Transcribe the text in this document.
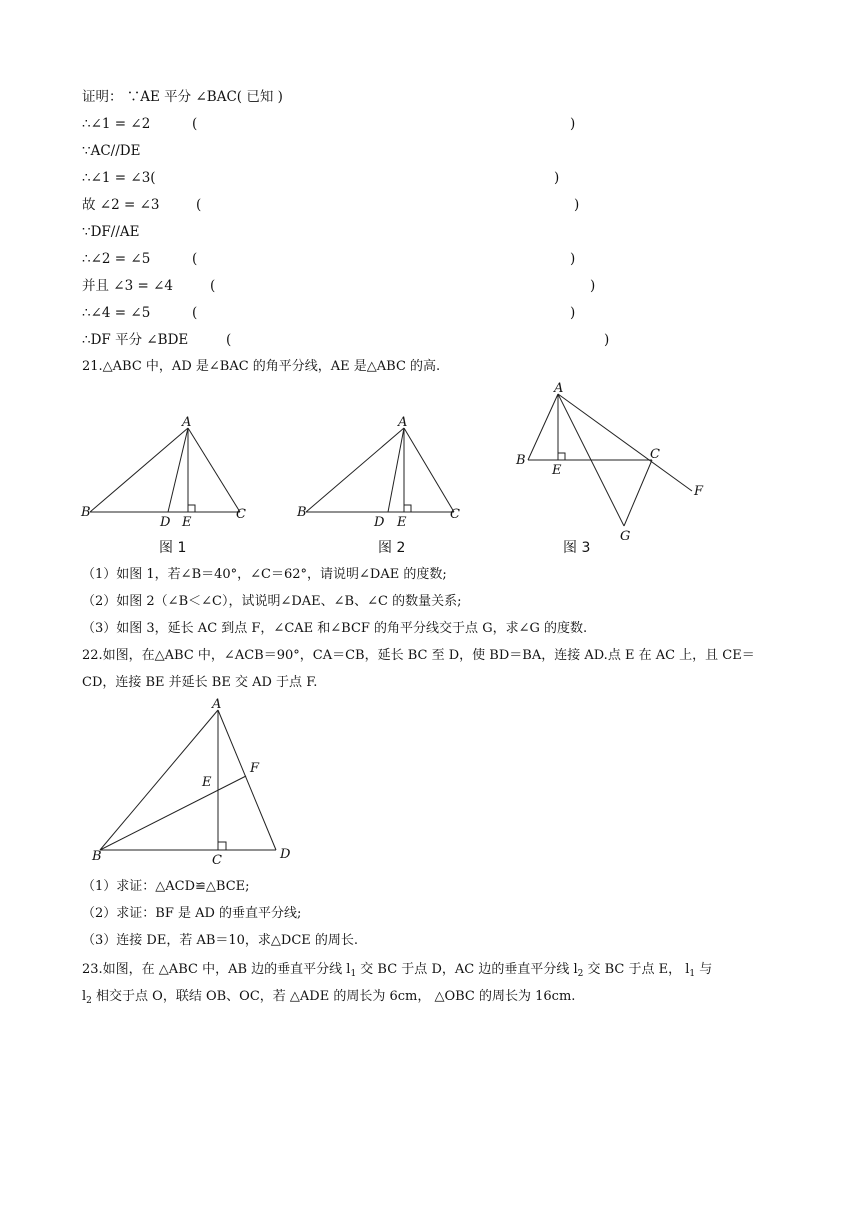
证明： ∵AE 平分 ∠BAC( 已知 )
∴∠1 = ∠2	(	)
∵AC//DE
∴∠1 = ∠3(	)
故 ∠2 = ∠3	(	)
∵DF//AE
∴∠2 = ∠5	(	)
并且 ∠3 = ∠4	(	)
∴∠4 = ∠5	(	)
∴DF 平分 ∠BDE	(	)
21.△ABC 中，AD 是∠BAC 的角平分线，AE 是△ABC 的高.
A
B	C
D E
图 1
A
B	C
D E
图 2
A
B	C
E
F
G
图 3
（1）如图 1，若∠B＝40°，∠C＝62°，请说明∠DAE 的度数;
（2）如图 2（∠B＜∠C），试说明∠DAE、∠B、∠C 的数量关系;
（3）如图 3，延长 AC 到点 F，∠CAE 和∠BCF 的角平分线交于点 G，求∠G 的度数.
22.如图，在△ABC 中，∠ACB＝90°，CA＝CB，延长 BC 至 D，使 BD＝BA，连接 AD.点 E 在 AC 上，且 CE＝
CD，连接 BE 并延长 BE 交 AD 于点 F.
A
B	C	D
E
F
（1）求证：△ACD≌△BCE;
（2）求证：BF 是 AD 的垂直平分线;
（3）连接 DE，若 AB＝10，求△DCE 的周长.
23.如图，在 △ABC 中，AB 边的垂直平分线 $l_1$ 交 BC 于点 D，AC 边的垂直平分线 $l_2$ 交 BC 于点 E， $l_1$ 与
$l_2$ 相交于点 O，联结 OB、OC，若 △ADE 的周长为 6cm， △OBC 的周长为 16cm.
